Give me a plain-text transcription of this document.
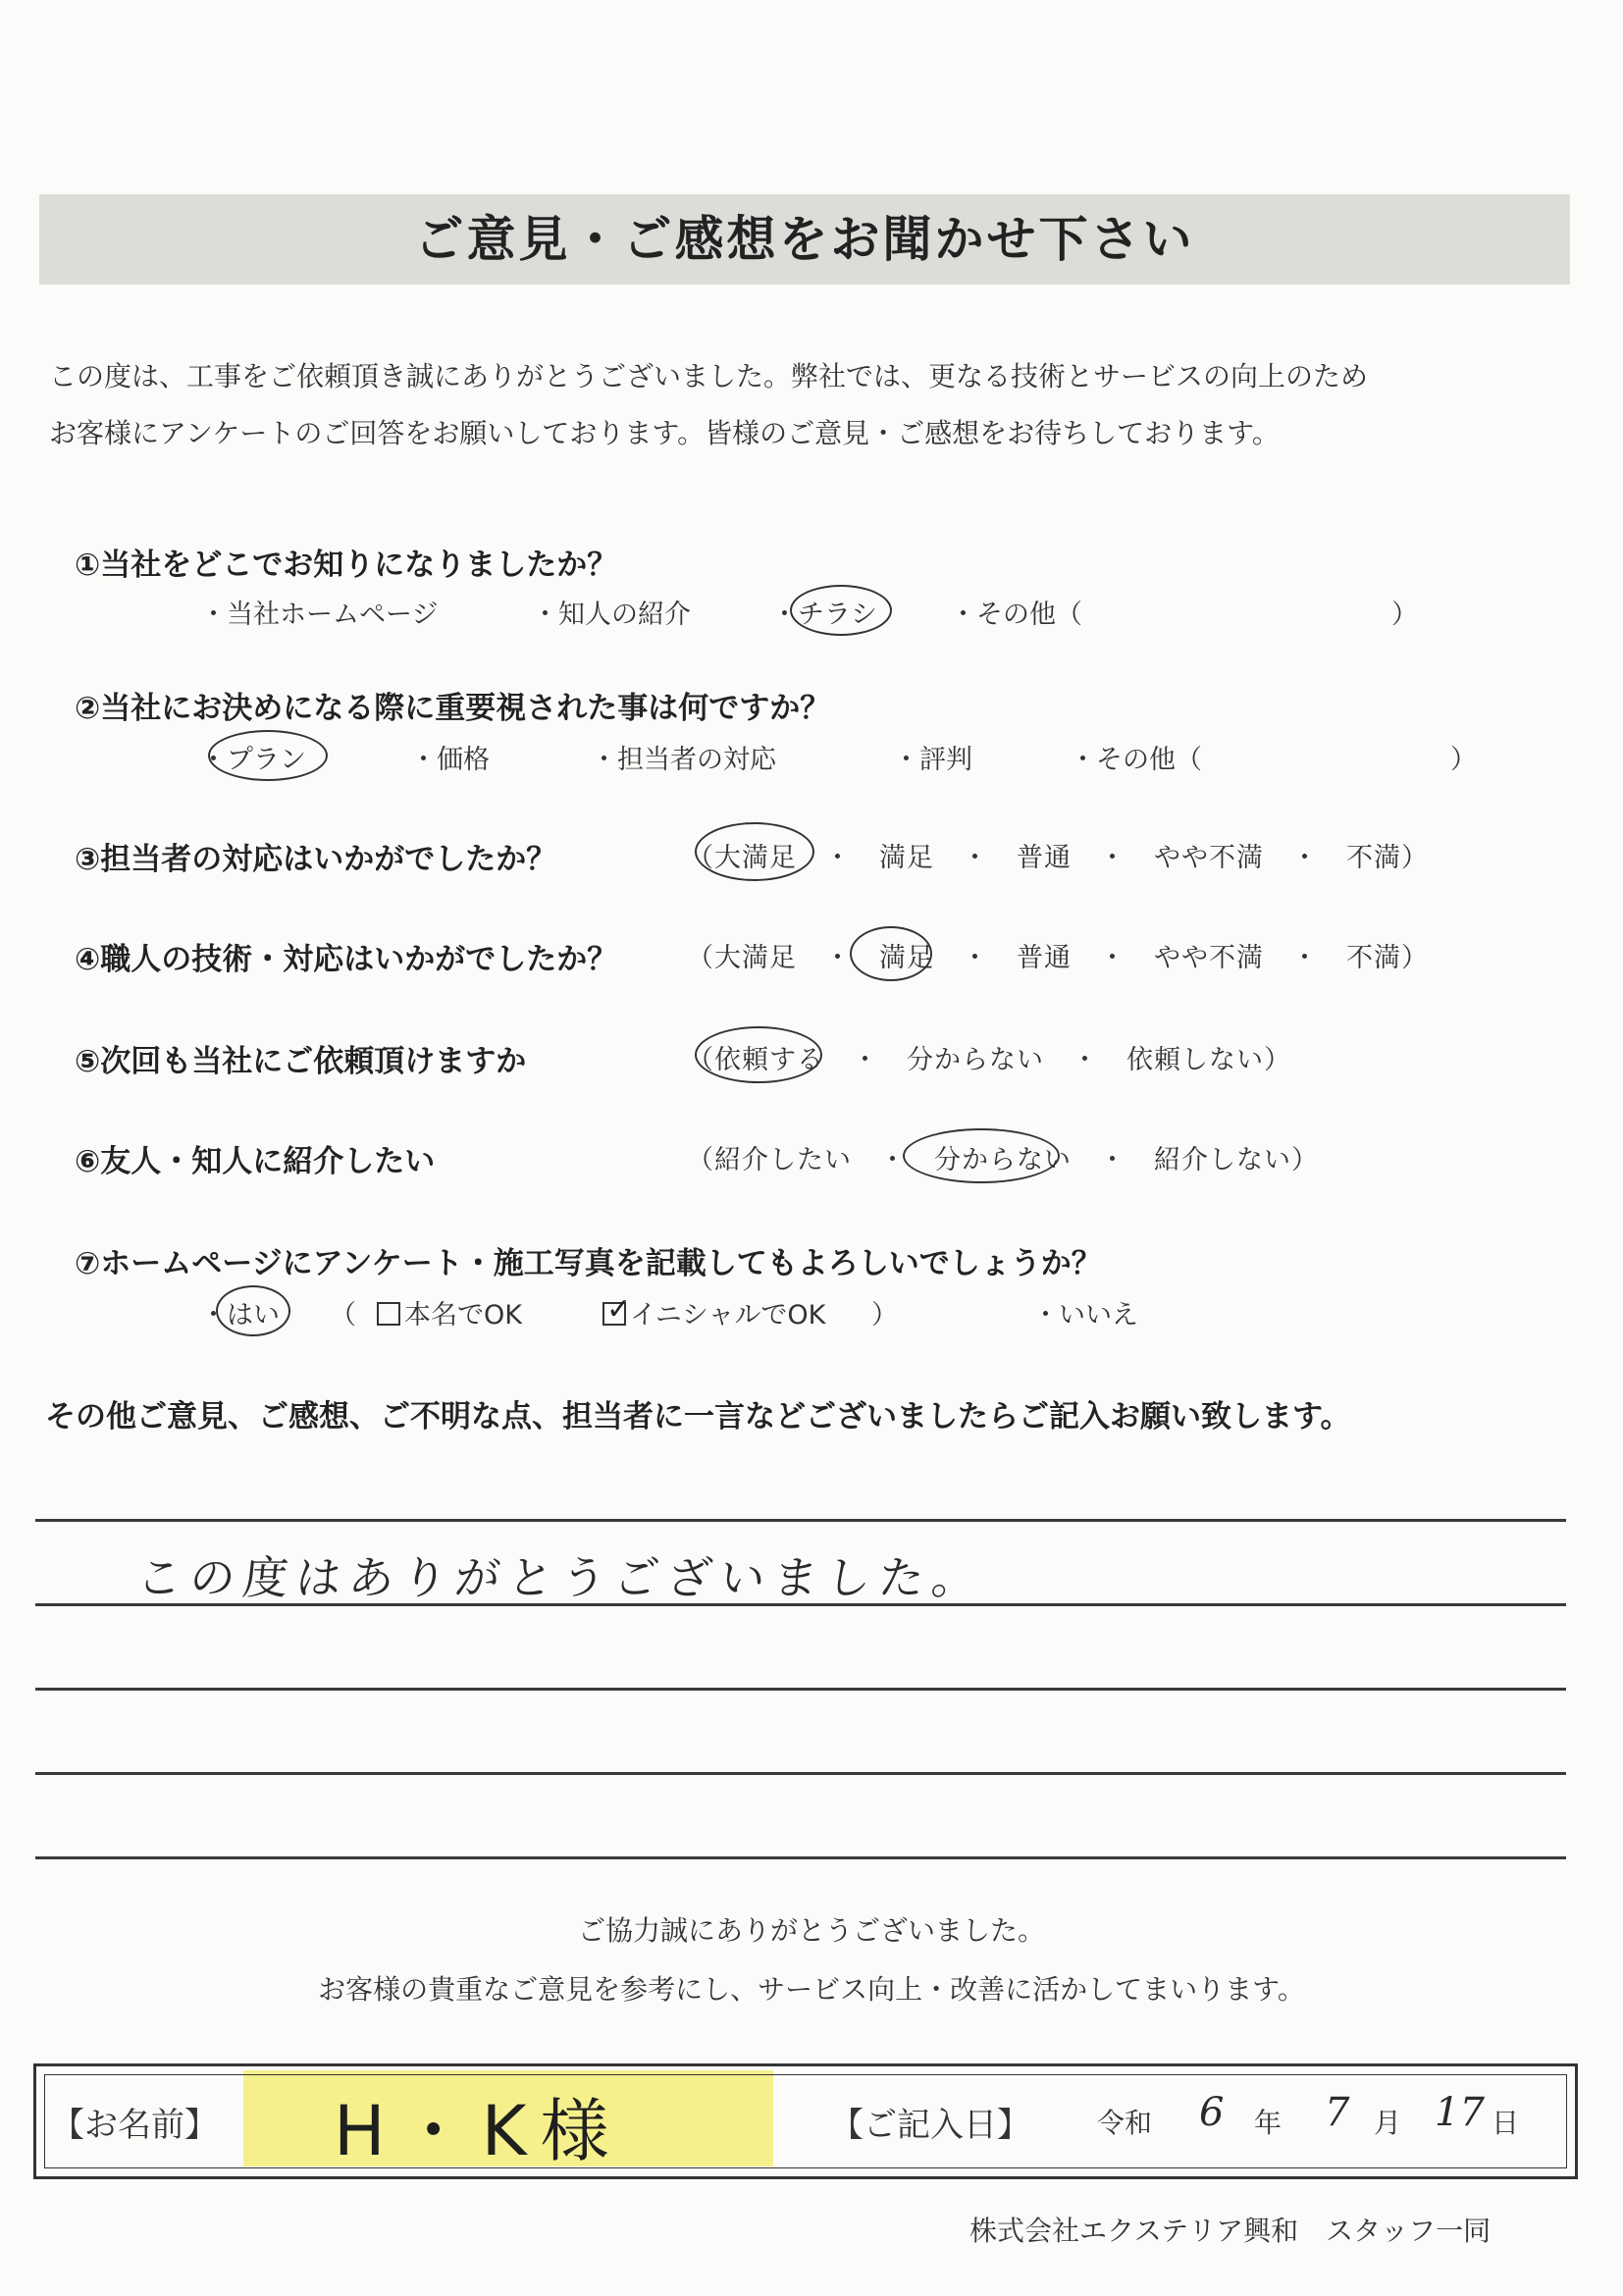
ご意見・ご感想をお聞かせ下さい
この度は、工事をご依頼頂き誠にありがとうございました。弊社では、更なる技術とサービスの向上のため
お客様にアンケートのご回答をお願いしております。皆様のご意見・ご感想をお待ちしております。
①当社をどこでお知りになりましたか？
・当社ホームページ	・知人の紹介	・チラシ	・その他（	）
②当社にお決めになる際に重要視された事は何ですか？
・プラン	・価格	・担当者の対応	・評判	・その他（	）
③担当者の対応はいかがでしたか？	（大満足　・　満足　・　普通　・　やや不満　・　不満）
④職人の技術・対応はいかがでしたか？	（大満足　・　満足　・　普通　・　やや不満　・　不満）
⑤次回も当社にご依頼頂けますか	（依頼する　・　分からない　・　依頼しない）
⑥友人・知人に紹介したい	（紹介したい　・　分からない　・　紹介しない）
⑦ホームページにアンケート・施工写真を記載してもよろしいでしょうか？
・はい （	本名でOK	✓
イニシャルでOK ）	・いいえ
その他ご意見、ご感想、ご不明な点、担当者に一言などございましたらご記入お願い致します。
この度はありがとうございました。
ご協力誠にありがとうございました。
お客様の貴重なご意見を参考にし、サービス向上・改善に活かしてまいります。
【お名前】 H・K様	【ご記入日】 令和 6 年 7 月 17 日
株式会社エクステリア興和　スタッフ一同
